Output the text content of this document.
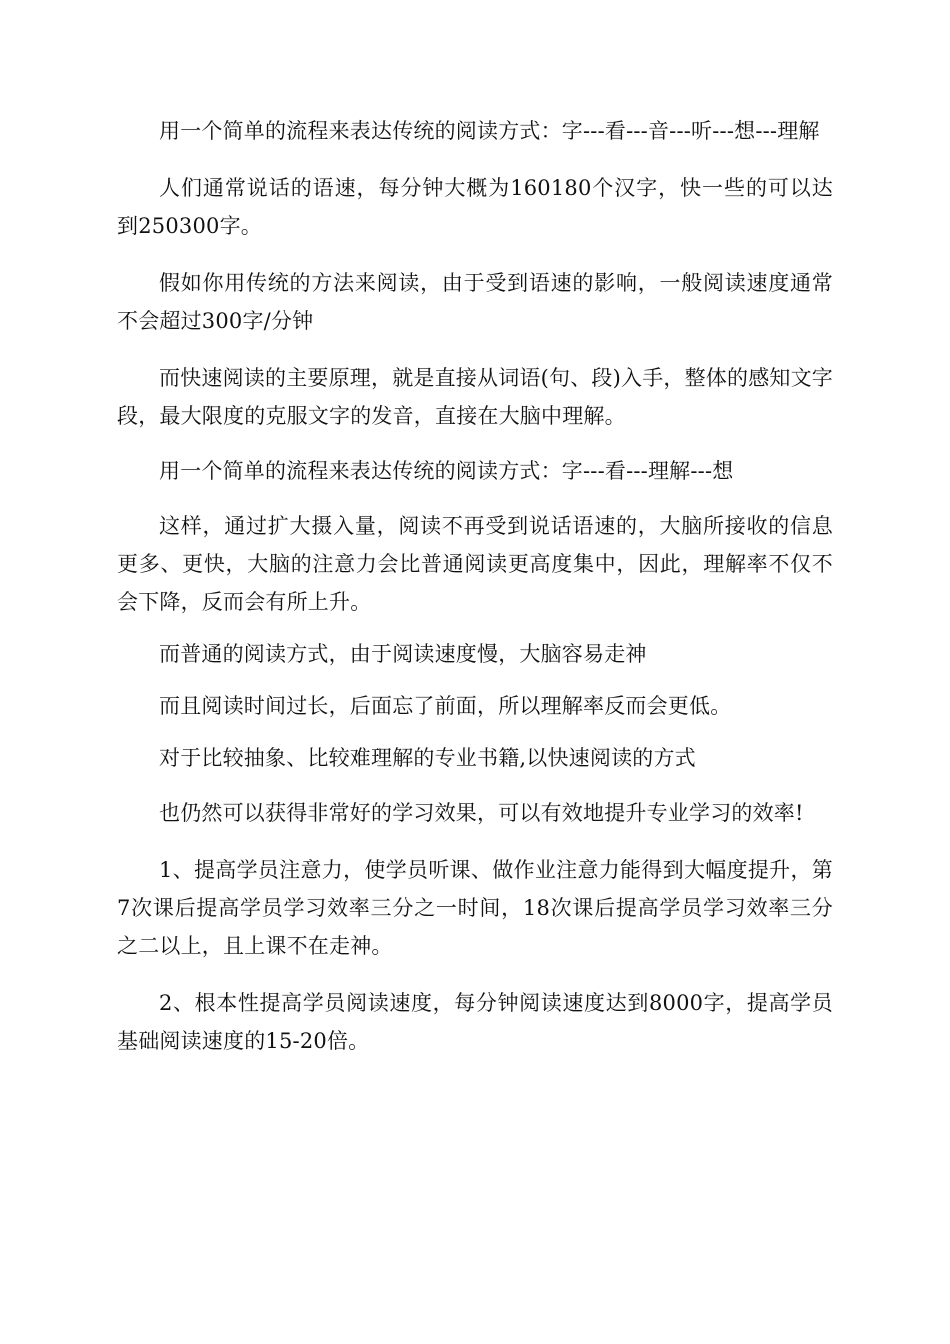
用一个简单的流程来表达传统的阅读方式：字---看---音---听---想---理解

人们通常说话的语速，每分钟大概为160180个汉字，快一些的可以达到250300字。

假如你用传统的方法来阅读，由于受到语速的影响，一般阅读速度通常不会超过300字/分钟

而快速阅读的主要原理，就是直接从词语(句、段)入手，整体的感知文字段，最大限度的克服文字的发音，直接在大脑中理解。

用一个简单的流程来表达传统的阅读方式：字---看---理解---想

这样，通过扩大摄入量，阅读不再受到说话语速的，大脑所接收的信息更多、更快，大脑的注意力会比普通阅读更高度集中，因此，理解率不仅不会下降，反而会有所上升。

而普通的阅读方式，由于阅读速度慢，大脑容易走神

而且阅读时间过长，后面忘了前面，所以理解率反而会更低。

对于比较抽象、比较难理解的专业书籍,以快速阅读的方式

也仍然可以获得非常好的学习效果，可以有效地提升专业学习的效率!

1、提高学员注意力，使学员听课、做作业注意力能得到大幅度提升，第7次课后提高学员学习效率三分之一时间，18次课后提高学员学习效率三分之二以上，且上课不在走神。

2、根本性提高学员阅读速度，每分钟阅读速度达到8000字，提高学员基础阅读速度的15-20倍。
